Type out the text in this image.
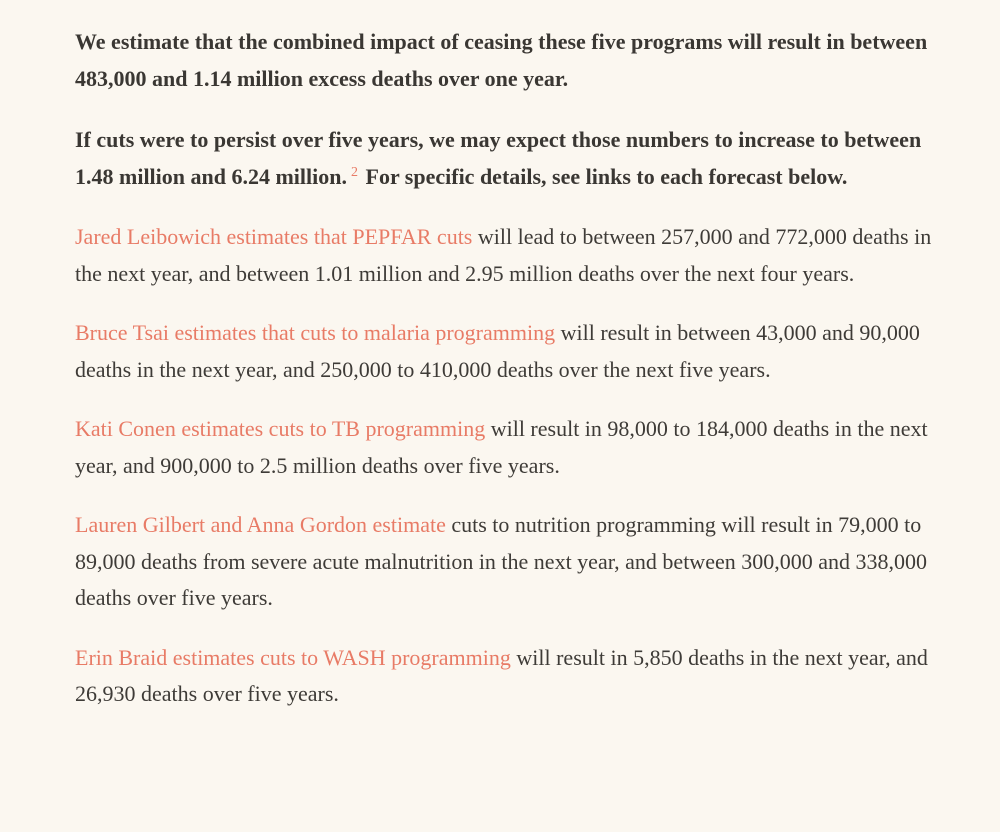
We estimate that the combined impact of ceasing these five programs will result in between 483,000 and 1.14 million excess deaths over one year.

If cuts were to persist over five years, we may expect those numbers to increase to between 1.48 million and 6.24 million. $^2$ For specific details, see links to each forecast below.

Jared Leibowich estimates that PEPFAR cuts will lead to between 257,000 and 772,000 deaths in the next year, and between 1.01 million and 2.95 million deaths over the next four years.

Bruce Tsai estimates that cuts to malaria programming will result in between 43,000 and 90,000 deaths in the next year, and 250,000 to 410,000 deaths over the next five years.

Kati Conen estimates cuts to TB programming will result in 98,000 to 184,000 deaths in the next year, and 900,000 to 2.5 million deaths over five years.

Lauren Gilbert and Anna Gordon estimate cuts to nutrition programming will result in 79,000 to 89,000 deaths from severe acute malnutrition in the next year, and between 300,000 and 338,000 deaths over five years.

Erin Braid estimates cuts to WASH programming will result in 5,850 deaths in the next year, and 26,930 deaths over five years.
